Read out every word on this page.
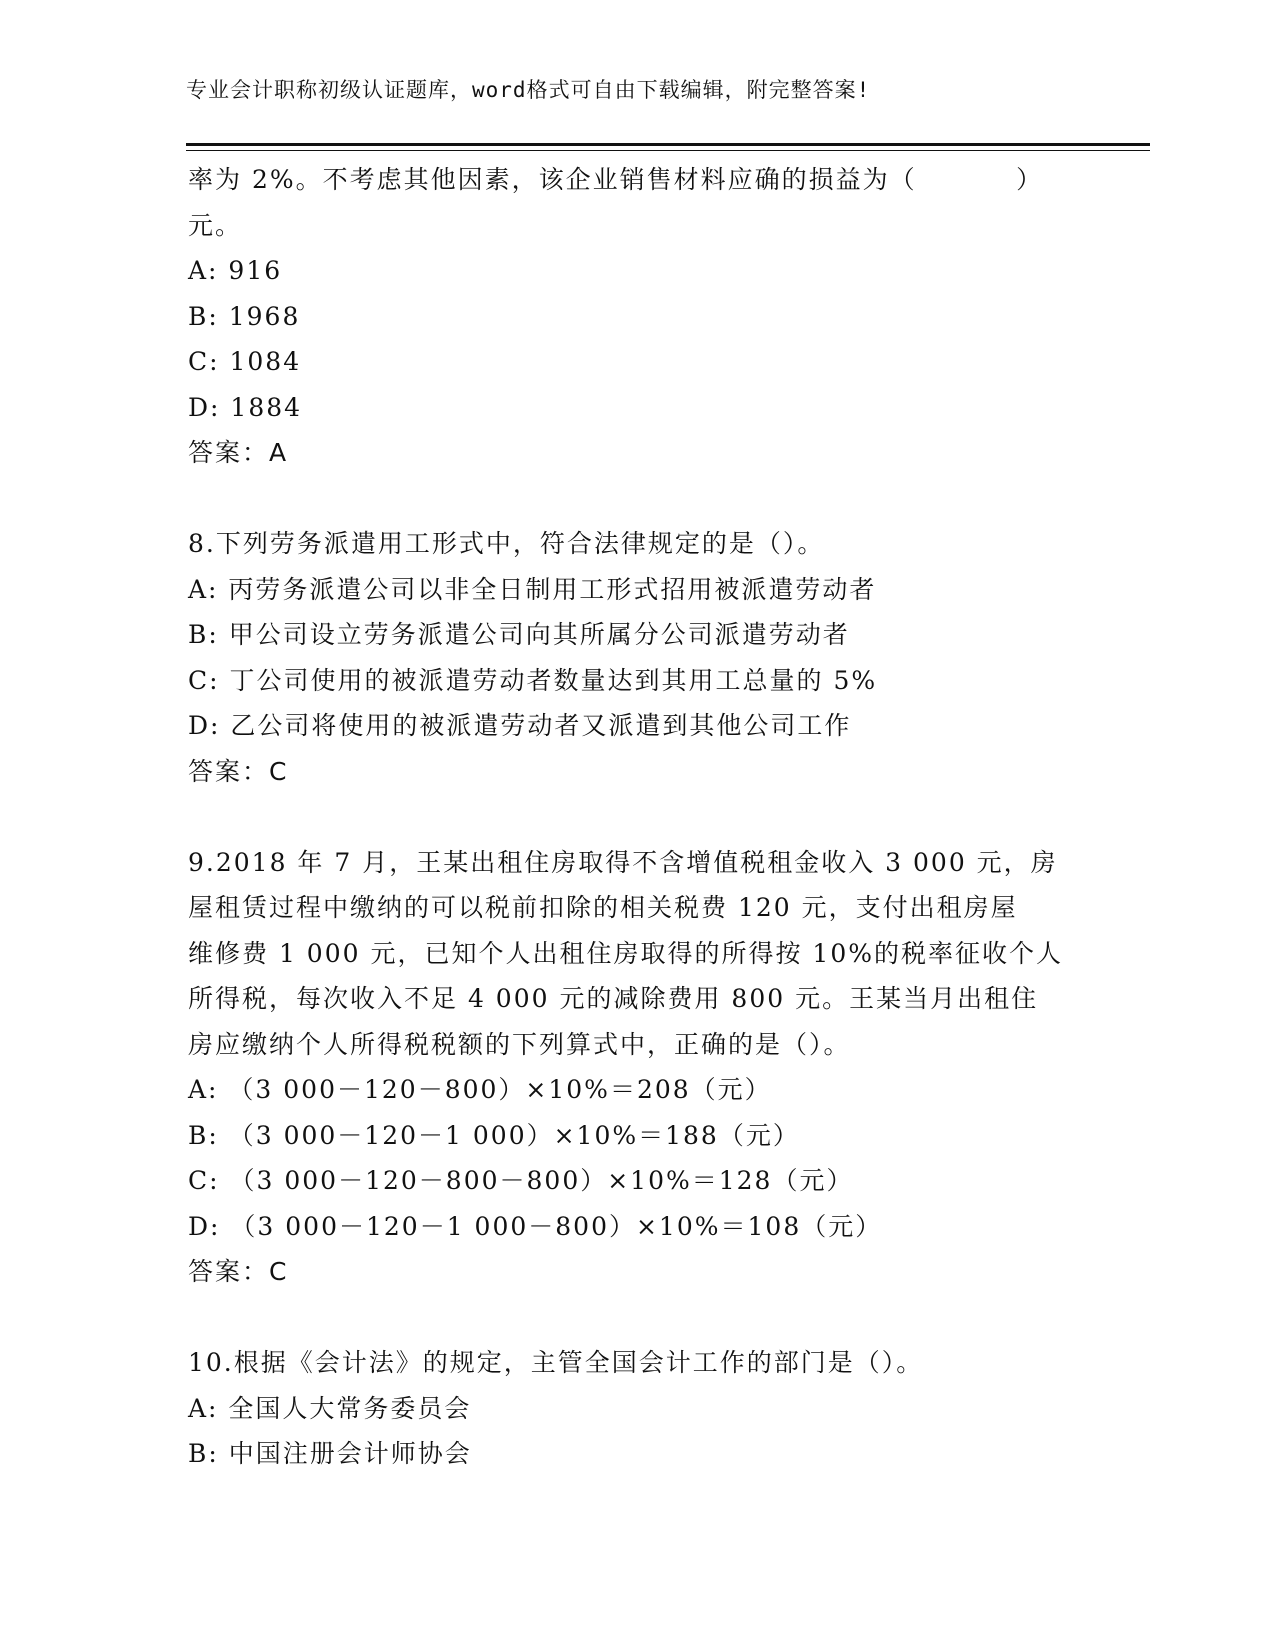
专业会计职称初级认证题库，word格式可自由下载编辑，附完整答案!
率为 2%。不考虑其他因素，该企业销售材料应确的损益为（          ）
元。
A: 916
B: 1968
C: 1084
D: 1884
答案：A
8.下列劳务派遣用工形式中，符合法律规定的是（）。
A: 丙劳务派遣公司以非全日制用工形式招用被派遣劳动者
B: 甲公司设立劳务派遣公司向其所属分公司派遣劳动者
C: 丁公司使用的被派遣劳动者数量达到其用工总量的 5%
D: 乙公司将使用的被派遣劳动者又派遣到其他公司工作
答案：C
9.2018 年 7 月，王某出租住房取得不含增值税租金收入 3 000 元，房
屋租赁过程中缴纳的可以税前扣除的相关税费 120 元，支付出租房屋
维修费 1 000 元，已知个人出租住房取得的所得按 10%的税率征收个人
所得税，每次收入不足 4 000 元的减除费用 800 元。王某当月出租住
房应缴纳个人所得税税额的下列算式中，正确的是（）。
A: （3 000－120－800）×10%＝208（元）
B: （3 000－120－1 000）×10%＝188（元）
C: （3 000－120－800－800）×10%＝128（元）
D: （3 000－120－1 000－800）×10%＝108（元）
答案：C
10.根据《会计法》的规定，主管全国会计工作的部门是（）。
A: 全国人大常务委员会
B: 中国注册会计师协会
